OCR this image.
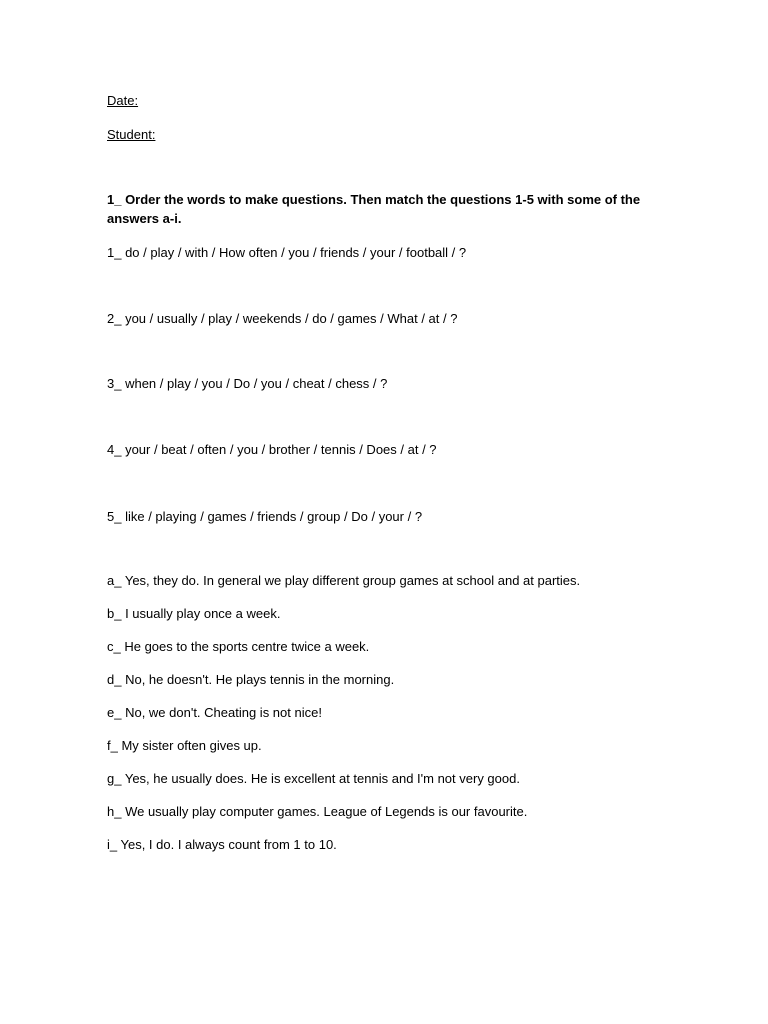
Date:
Student:
1_ Order the words to make questions. Then match the questions 1-5 with some of the answers a-i.
1_ do / play / with / How often / you / friends / your / football / ?
2_ you / usually / play / weekends / do / games / What / at / ?
3_ when / play / you / Do / you / cheat / chess / ?
4_ your / beat / often / you / brother / tennis / Does / at / ?
5_ like / playing / games / friends / group / Do / your / ?
a_ Yes, they do. In general we play different group games at school and at parties.
b_ I usually play once a week.
c_ He goes to the sports centre twice a week.
d_ No, he doesn't. He plays tennis in the morning.
e_ No, we don't. Cheating is not nice!
f_ My sister often gives up.
g_ Yes, he usually does. He is excellent at tennis and I'm not very good.
h_ We usually play computer games. League of Legends is our favourite.
i_ Yes, I do. I always count from 1 to 10.
